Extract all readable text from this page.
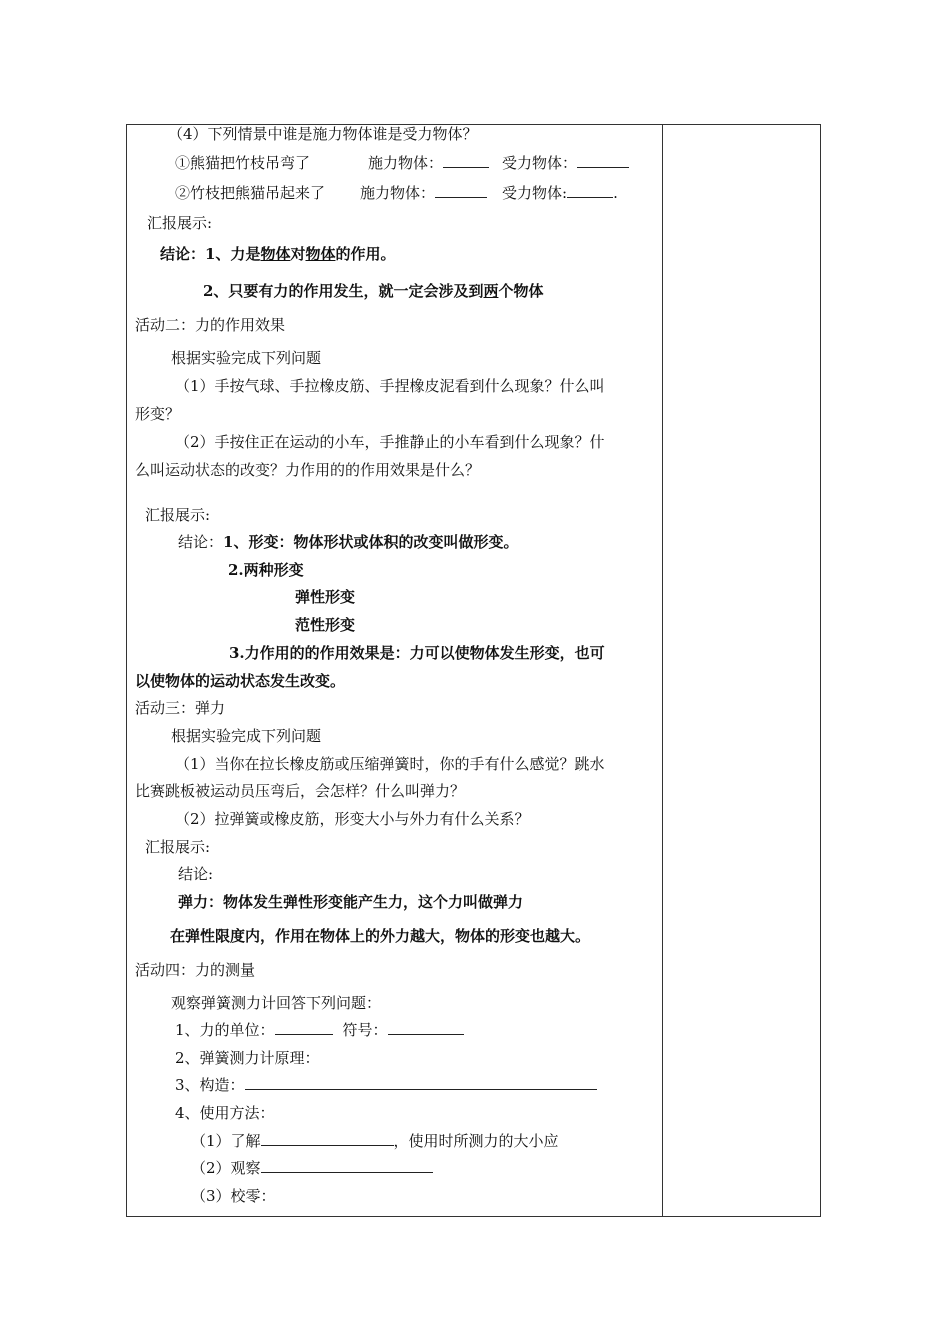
（4）下列情景中谁是施力物体谁是受力物体？
①熊猫把竹枝吊弯了	施力物体：	受力物体：
②竹枝把熊猫吊起来了 施力物体：	受力物体:	.
汇报展示:
结论：1、力是物体对物体的作用。
2、只要有力的作用发生，就一定会涉及到两个物体
活动二：力的作用效果
根据实验完成下列问题
（1）手按气球、手拉橡皮筋、手捏橡皮泥看到什么现象？什么叫
形变？
（2）手按住正在运动的小车，手推静止的小车看到什么现象？什
么叫运动状态的改变？力作用的的作用效果是什么？
汇报展示:
结论：1、形变：物体形状或体积的改变叫做形变。
2.两种形变
弹性形变
范性形变
3.力作用的的作用效果是：力可以使物体发生形变，也可
以使物体的运动状态发生改变。
活动三：弹力
根据实验完成下列问题
（1）当你在拉长橡皮筋或压缩弹簧时，你的手有什么感觉？跳水
比赛跳板被运动员压弯后，会怎样？什么叫弹力？
（2）拉弹簧或橡皮筋，形变大小与外力有什么关系？
汇报展示:
结论:
弹力：物体发生弹性形变能产生力，这个力叫做弹力
在弹性限度内，作用在物体上的外力越大，物体的形变也越大。
活动四：力的测量
观察弹簧测力计回答下列问题：
1、力的单位：	符号：
2、弹簧测力计原理：
3、构造：
4、使用方法：
（1）了解	，使用时所测力的大小应
（2）观察
（3）校零：
